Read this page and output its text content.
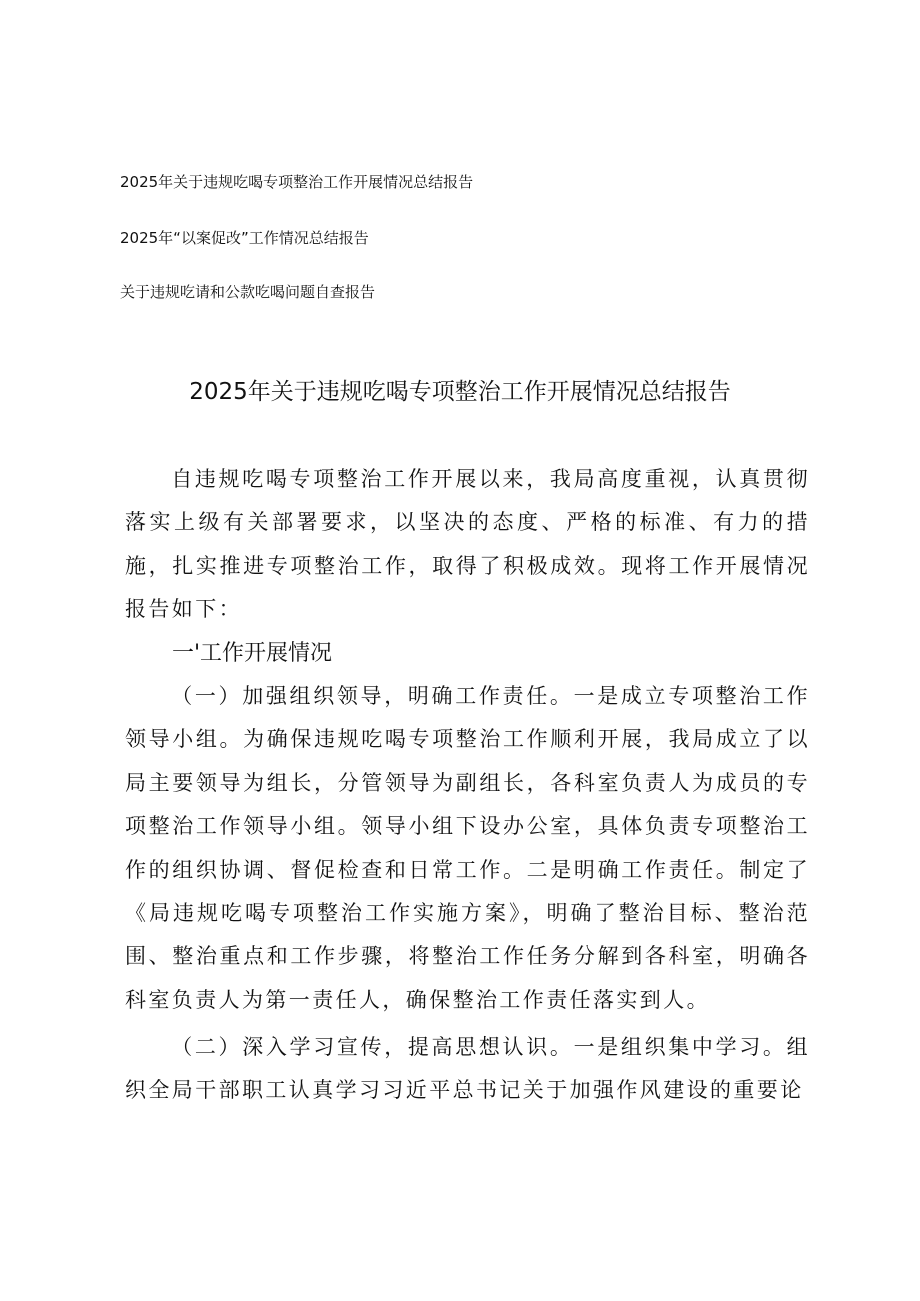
2025年关于违规吃喝专项整治工作开展情况总结报告
2025年“以案促改”工作情况总结报告
关于违规吃请和公款吃喝问题自查报告
2025年关于违规吃喝专项整治工作开展情况总结报告

自违规吃喝专项整治工作开展以来，我局高度重视，认真贯彻落实上级有关部署要求，以坚决的态度、严格的标准、有力的措施，扎实推进专项整治工作，取得了积极成效。现将工作开展情况报告如下：

一'工作开展情况

（一）加强组织领导，明确工作责任。一是成立专项整治工作领导小组。为确保违规吃喝专项整治工作顺利开展，我局成立了以局主要领导为组长，分管领导为副组长，各科室负责人为成员的专项整治工作领导小组。领导小组下设办公室，具体负责专项整治工作的组织协调、督促检查和日常工作。二是明确工作责任。制定了《局违规吃喝专项整治工作实施方案》，明确了整治目标、整治范围、整治重点和工作步骤，将整治工作任务分解到各科室，明确各科室负责人为第一责任人，确保整治工作责任落实到人。

（二）深入学习宣传，提高思想认识。一是组织集中学习。组织全局干部职工认真学习习近平总书记关于加强作风建设的重要论
